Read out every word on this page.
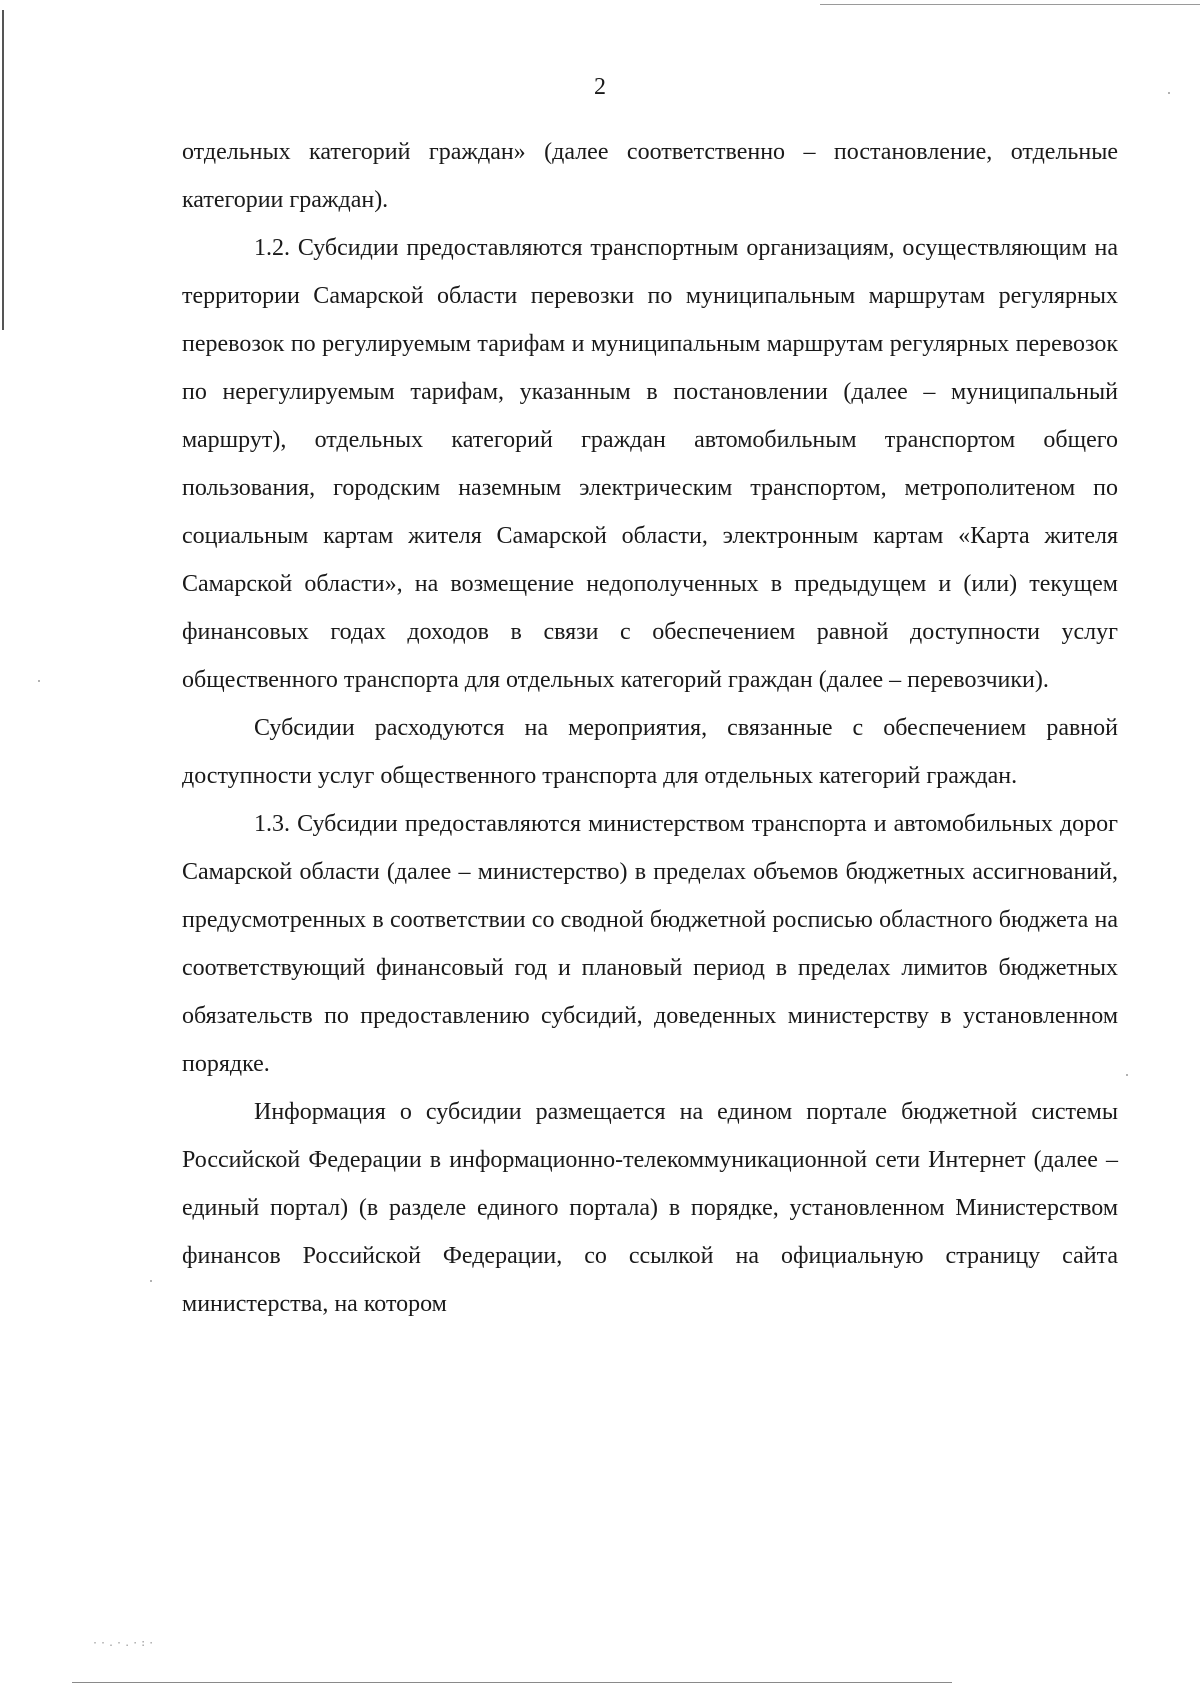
··.·.·:·
2

отдельных категорий граждан» (далее соответственно – постановление, отдельные категории граждан).

1.2. Субсидии предоставляются транспортным организациям, осуществляющим на территории Самарской области перевозки по муниципальным маршрутам регулярных перевозок по регулируемым тарифам и муниципальным маршрутам регулярных перевозок по нерегулируемым тарифам, указанным в постановлении (далее – муниципальный маршрут), отдельных категорий граждан автомобильным транспортом общего пользования, городским наземным электрическим транспортом, метрополитеном по социальным картам жителя Самарской области, электронным картам «Карта жителя Самарской области», на возмещение недополученных в предыдущем и (или) текущем финансовых годах доходов в связи с обеспечением равной доступности услуг общественного транспорта для отдельных категорий граждан (далее – перевозчики).

Субсидии расходуются на мероприятия, связанные с обеспечением равной доступности услуг общественного транспорта для отдельных категорий граждан.

1.3. Субсидии предоставляются министерством транспорта и автомобильных дорог Самарской области (далее – министерство) в пределах объемов бюджетных ассигнований, предусмотренных в соответствии со сводной бюджетной росписью областного бюджета на соответствующий финансовый год и плановый период в пределах лимитов бюджетных обязательств по предоставлению субсидий, доведенных министерству в установленном порядке.

Информация о субсидии размещается на едином портале бюджетной системы Российской Федерации в информационно-телекоммуникационной сети Интернет (далее – единый портал) (в разделе единого портала) в порядке, установленном Министерством финансов Российской Федерации, со ссылкой на официальную страницу сайта министерства, на котором
